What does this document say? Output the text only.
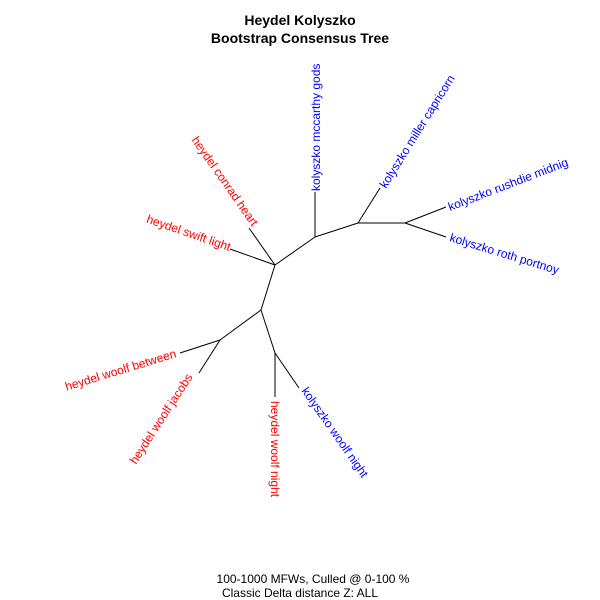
Heydel Kolyszko
Bootstrap Consensus Tree
kolyszko mccarthy gods	kolyszko miller capricorn
kolyszko rushdie midnig
kolyszko roth portnoy
heydel conrad heart
heydel swift light
heydel woolf between
heydel woolf jacobs	heydel woolf night kolyszko woolf night
100-1000 MFWs, Culled @ 0-100 %
Classic Delta distance Z: ALL
